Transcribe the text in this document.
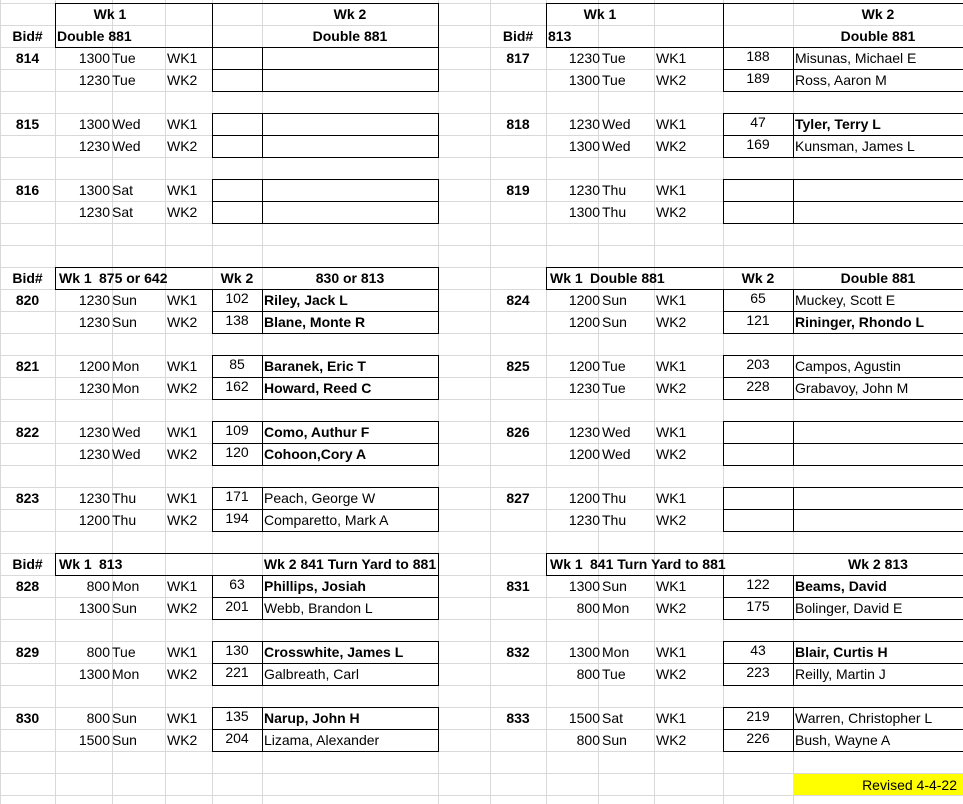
Wk 1	Wk 2
Bid#	Double 881	Double 881
814	1300 Tue	WK1
1230 Tue	WK2
815	1300 Wed	WK1
1230 Wed	WK2
816	1300 Sat	WK1
1230 Sat	WK2
Wk 1	Wk 2
Bid#	813	Double 881
817	1230 Tue	WK1	188	Misunas, Michael E
1300 Tue	WK2	189	Ross, Aaron M
818	1230 Wed	WK1	47	Tyler, Terry L
1300 Wed	WK2	169	Kunsman, James L
819	1230 Thu	WK1
1300 Thu	WK2
Bid#	Wk 1 875 or 642	Wk 2	830 or 813
820	1230 Sun	WK1	102	Riley, Jack L
1230 Sun	WK2	138	Blane, Monte R
821	1200 Mon	WK1	85	Baranek, Eric T
1230 Mon	WK2	162	Howard, Reed C
822	1230 Wed	WK1	109	Como, Authur F
1230 Wed	WK2	120	Cohoon,Cory A
823	1230 Thu	WK1	171	Peach, George W
1200 Thu	WK2	194	Comparetto, Mark A
Wk 1 Double 881	Wk 2	Double 881
824	1200 Sun	WK1	65	Muckey, Scott E
1200 Sun	WK2	121	Rininger, Rhondo L
825	1200 Tue	WK1	203	Campos, Agustin
1230 Tue	WK2	228	Grabavoy, John M
826	1230 Wed	WK1
1200 Wed	WK2
827	1200 Thu	WK1
1230 Thu	WK2
Bid#	Wk 1 813	Wk 2 841 Turn Yard to 881
828	800 Mon	WK1	63	Phillips, Josiah
1300 Sun	WK2	201	Webb, Brandon L
829	800 Tue	WK1	130	Crosswhite, James L
1300 Mon	WK2	221	Galbreath, Carl
830	800 Sun	WK1	135	Narup, John H
1500 Sun	WK2	204	Lizama, Alexander
Wk 1 841 Turn Yard to 881	Wk 2 813
831	1300 Sun	WK1	122	Beams, David
800 Mon	WK2	175	Bolinger, David E
832	1300 Mon	WK1	43	Blair, Curtis H
800 Tue	WK2	223	Reilly, Martin J
833	1500 Sat	WK1	219	Warren, Christopher L
800 Sun	WK2	226	Bush, Wayne A
Revised 4-4-22
